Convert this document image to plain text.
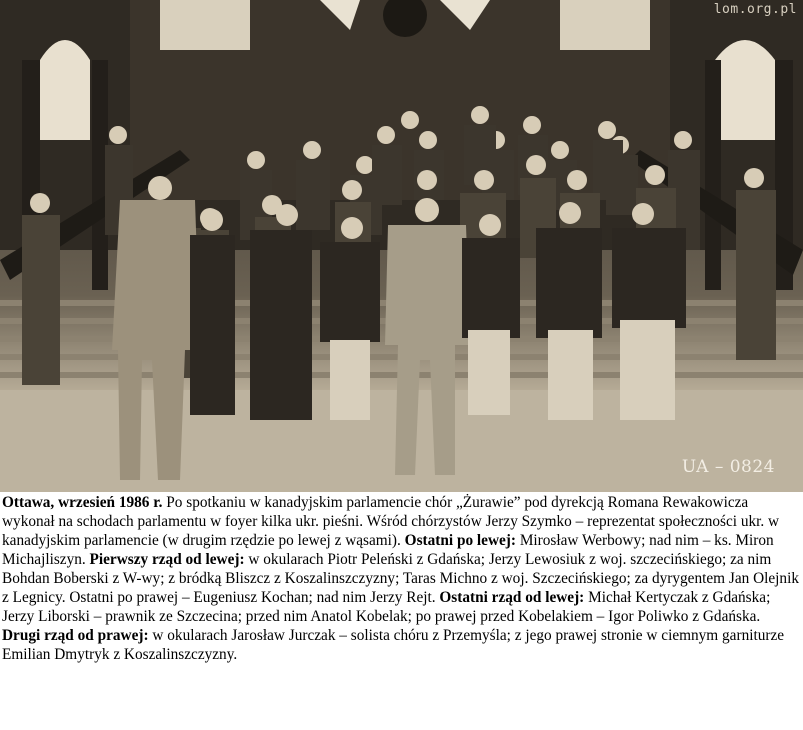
lom.org.pl
UA – 0824
Ottawa, wrzesień 1986 r. Po spotkaniu w kanadyjskim parlamencie chór „Żurawie” pod dyrekcją Romana Rewakowicza wykonał na schodach parlamentu w foyer kilka ukr. pieśni. Wśród chórzystów Jerzy Szymko – reprezentat społeczności ukr. w kanadyjskim parlamencie (w drugim rzędzie po lewej z wąsami). Ostatni po lewej: Mirosław Werbowy; nad nim – ks. Miron Michajliszyn. Pierwszy rząd od lewej: w okularach Piotr Peleński z Gdańska; Jerzy Lewosiuk z woj. szczecińskiego; za nim Bohdan Boberski z W-wy; z bródką Bliszcz z Koszalinszczyzny; Taras Michno z woj. Szczecińskiego; za dyrygentem Jan Olejnik z Legnicy. Ostatni po prawej – Eugeniusz Kochan; nad nim Jerzy Rejt. Ostatni rząd od lewej: Michał Kertyczak z Gdańska; Jerzy Liborski – prawnik ze Szczecina; przed nim Anatol Kobelak; po prawej przed Kobelakiem – Igor Poliwko z Gdańska. Drugi rząd od prawej: w okularach Jarosław Jurczak – solista chóru z Przemyśla; z jego prawej stronie w ciemnym garniturze Emilian Dmytryk z Koszalinszczyzny.
